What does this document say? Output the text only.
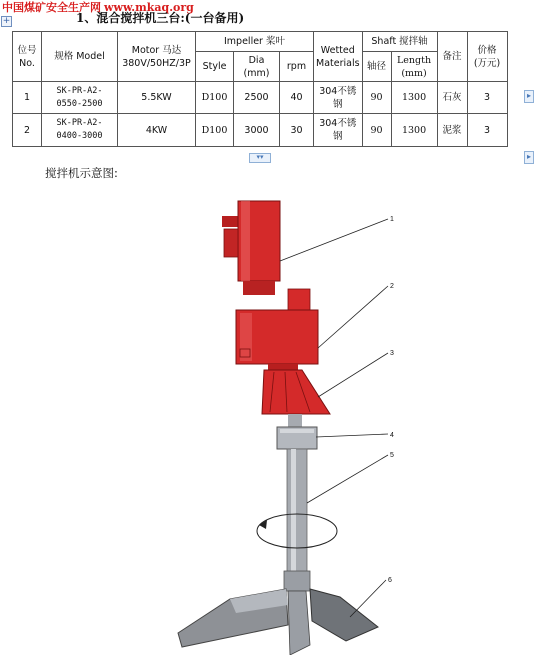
中国煤矿安全生产网 www.mkaq.org
1、混合搅拌机三台:(一台备用)
+
位号No.	规格 Model	Motor 马达 380V/50HZ/3P	Impeller 桨叶			Wetted Materials	Shaft 搅拌轴		备注	价格 (万元)
			Style	Dia (mm)	rpm		轴径	Length (mm)		
1	SK-PR-A2-0550-2500	5.5KW	D100	2500	40	304不锈钢	90	1300	石灰	3
2	SK-PR-A2-0400-3000	4KW	D100	3000	30	304不锈钢	90	1300	泥浆	3
▸
▸
▾▾
搅拌机示意图:
1
2
3
4
5
6
